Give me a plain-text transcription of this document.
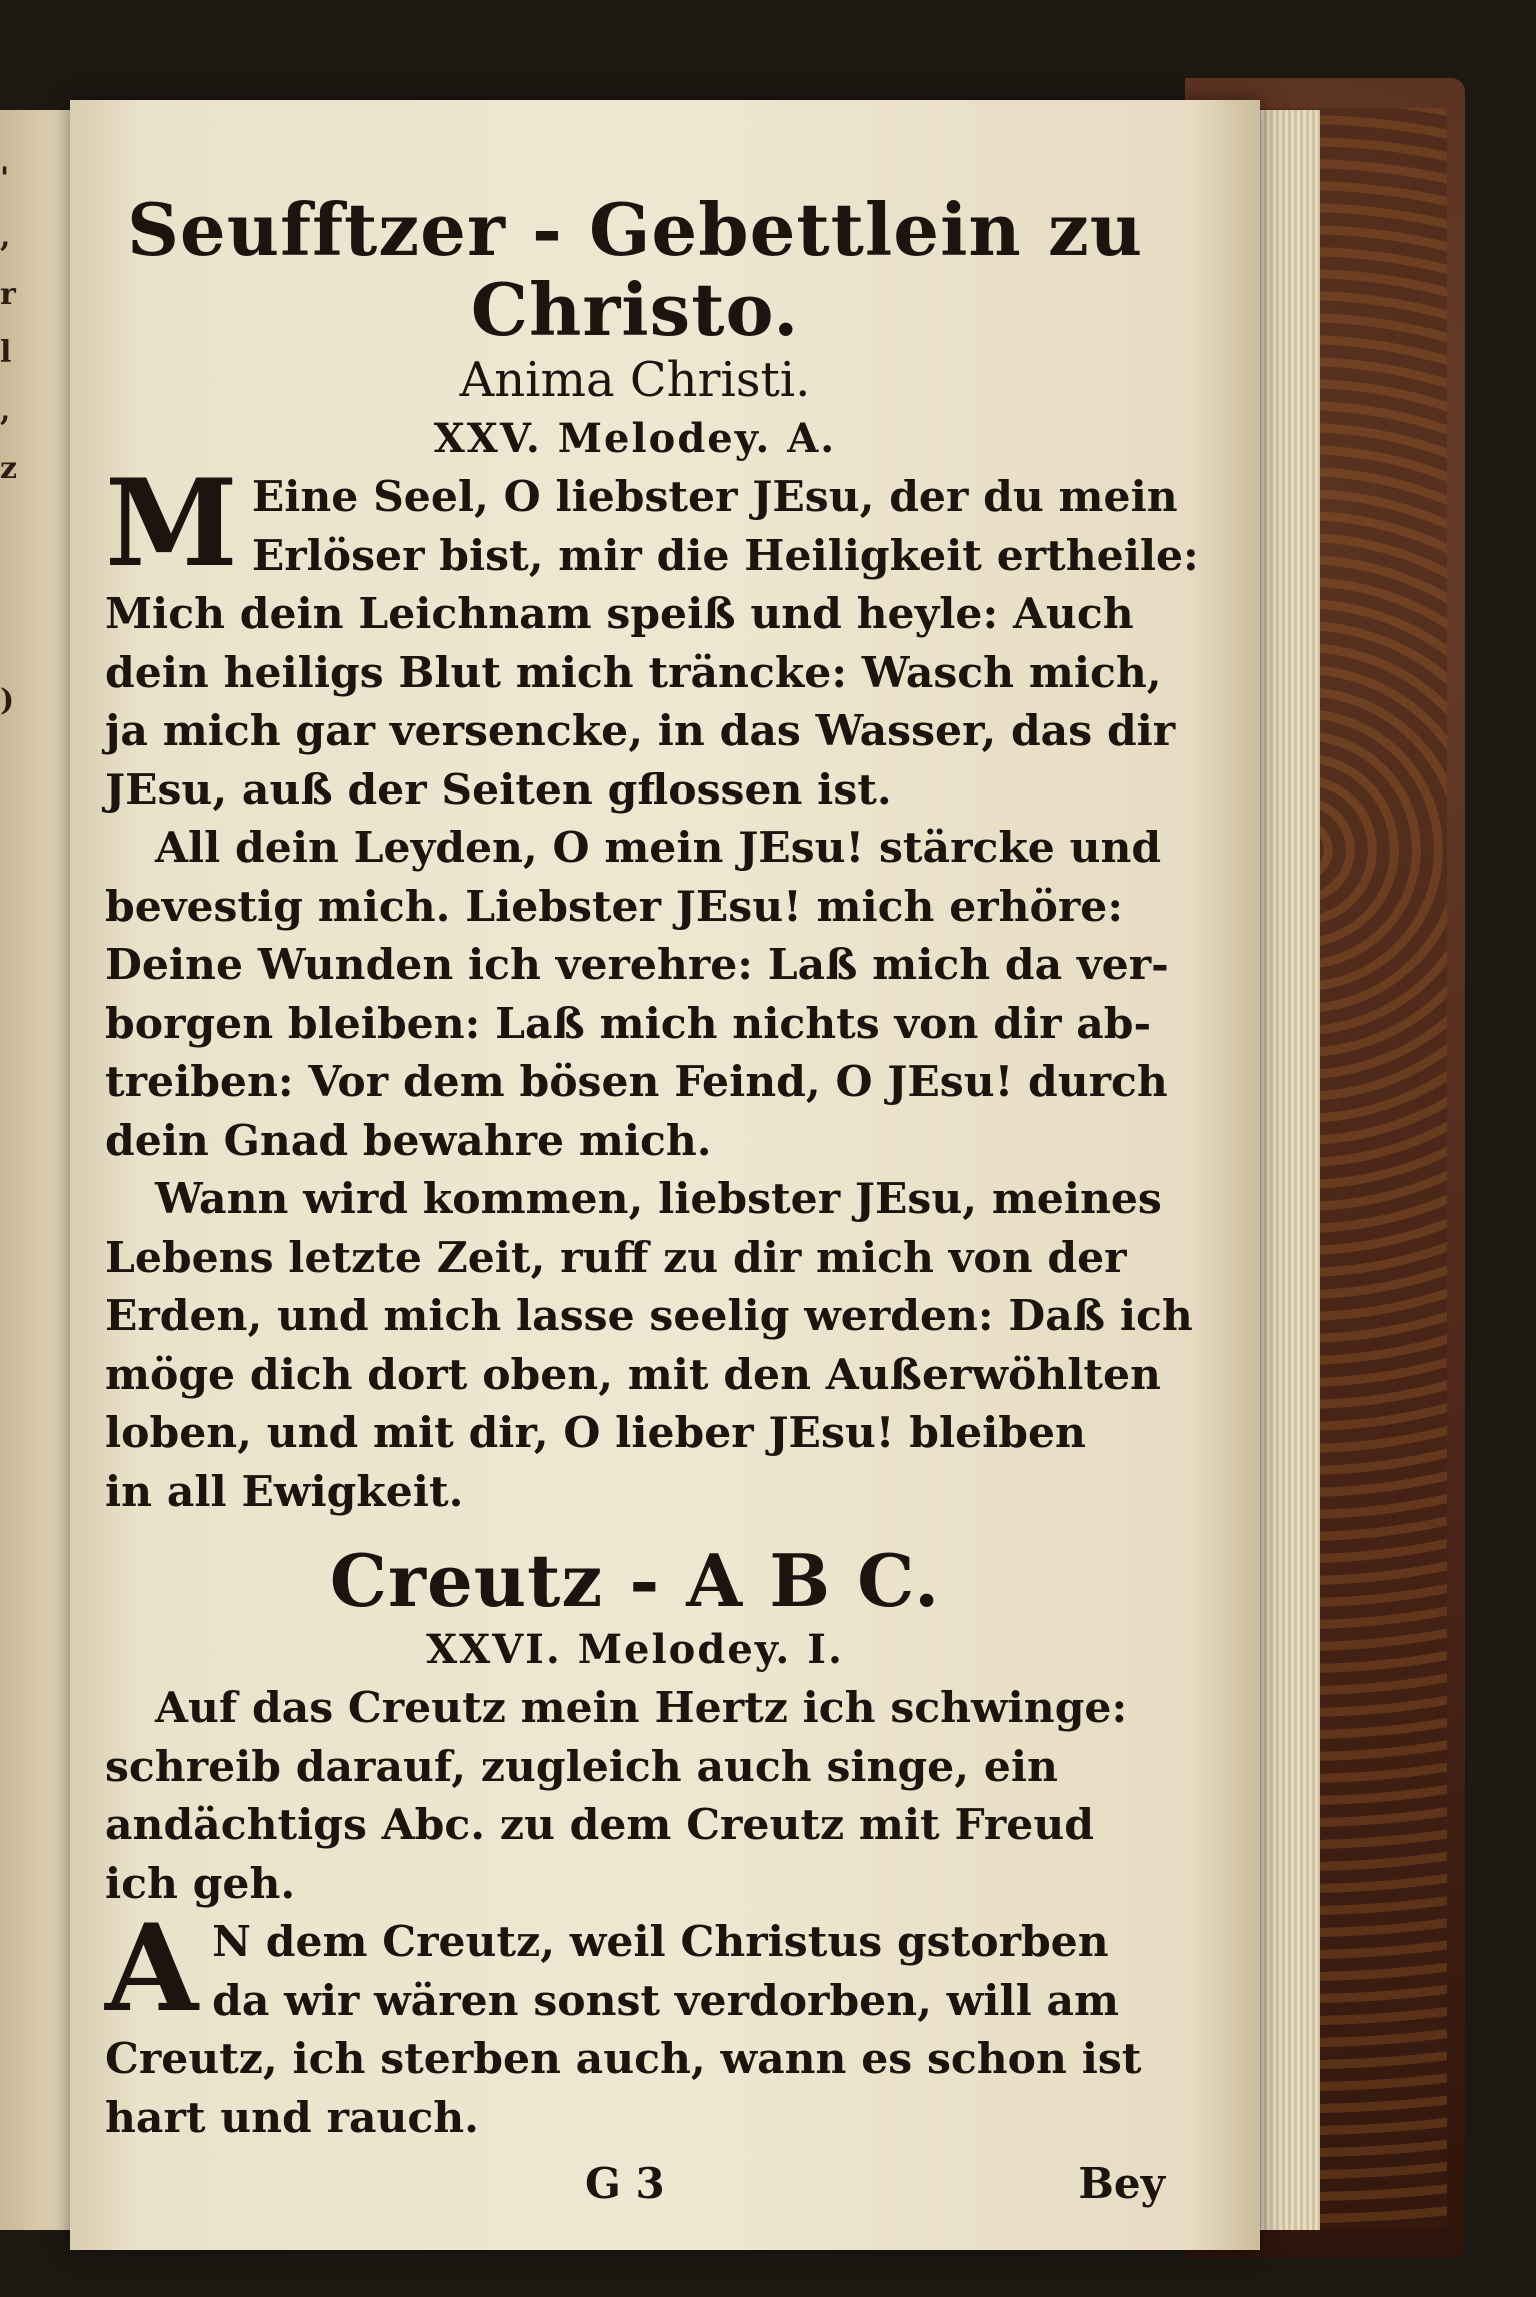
'
,
r
l
,
z

)

Seufftzer - Gebettlein zu Christo.

Anima Christi.

XXV. Melodey. A.

M Eine Seel, O liebster JEsu, der du mein
Erlöser bist, mir die Heiligkeit ertheile:
Mich dein Leichnam speiß und heyle: Auch
dein heiligs Blut mich träncke: Wasch mich,
ja mich gar versencke, in das Wasser, das dir
JEsu, auß der Seiten gflossen ist.
All dein Leyden, O mein JEsu! stärcke und
bevestig mich. Liebster JEsu! mich erhöre:
Deine Wunden ich verehre: Laß mich da ver-
borgen bleiben: Laß mich nichts von dir ab-
treiben: Vor dem bösen Feind, O JEsu! durch
dein Gnad bewahre mich.
Wann wird kommen, liebster JEsu, meines
Lebens letzte Zeit, ruff zu dir mich von der
Erden, und mich lasse seelig werden: Daß ich
möge dich dort oben, mit den Außerwöhlten
loben, und mit dir, O lieber JEsu! bleiben
in all Ewigkeit.

Creutz - A B C.

XXVI. Melodey. I.

Auf das Creutz mein Hertz ich schwinge:
schreib darauf, zugleich auch singe, ein
andächtigs Abc. zu dem Creutz mit Freud
ich geh.
A N dem Creutz, weil Christus gstorben
da wir wären sonst verdorben, will am
Creutz, ich sterben auch, wann es schon ist
hart und rauch.
G 3	Bey
